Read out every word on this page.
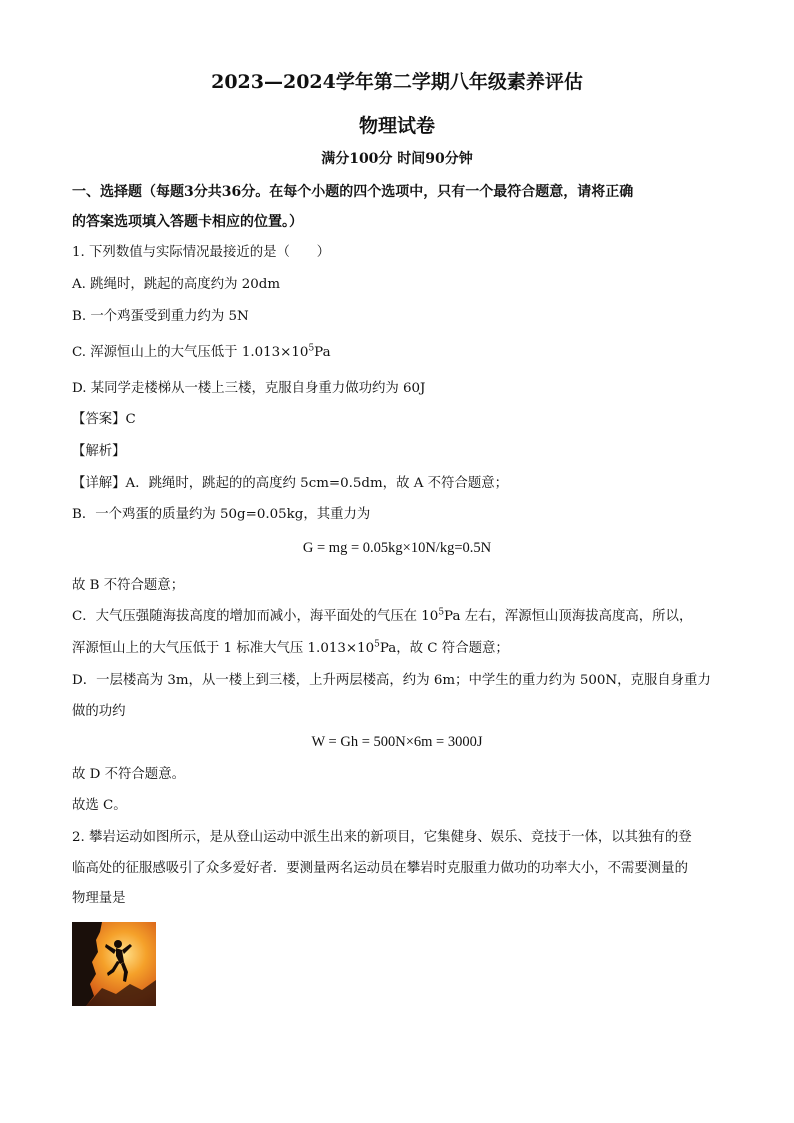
2023—2024学年第二学期八年级素养评估
物理试卷
满分100分 时间90分钟
一、选择题（每题3分共36分。在每个小题的四个选项中，只有一个最符合题意，请将正确
的答案选项填入答题卡相应的位置。）
1. 下列数值与实际情况最接近的是（　　）
A. 跳绳时，跳起的高度约为 20dm
B. 一个鸡蛋受到重力约为 5N
C. 浑源恒山上的大气压低于 $1.013\times 10^5Pa$
D. 某同学走楼梯从一楼上三楼，克服自身重力做功约为 60J
【答案】C
【解析】
【详解】A．跳绳时，跳起的的高度约 5cm=0.5dm，故 A 不符合题意；
B．一个鸡蛋的质量约为 50g=0.05kg，其重力为
G = mg = 0.05kg×10N/kg=0.5N
故 B 不符合题意；
C．大气压强随海拔高度的增加而减小，海平面处的气压在 $10^5Pa$ 左右，浑源恒山顶海拔高度高，所以，
浑源恒山上的大气压低于 1 标准大气压 $1.013\times 10^5Pa$，故 C 符合题意；
D．一层楼高为 3m，从一楼上到三楼，上升两层楼高，约为 6m；中学生的重力约为 500N，克服自身重力
做的功约
W = Gh = 500N×6m = 3000J
故 D 不符合题意。
故选 C。
2. 攀岩运动如图所示，是从登山运动中派生出来的新项目，它集健身、娱乐、竞技于一体，以其独有的登
临高处的征服感吸引了众多爱好者．要测量两名运动员在攀岩时克服重力做功的功率大小，不需要测量的
物理量是
